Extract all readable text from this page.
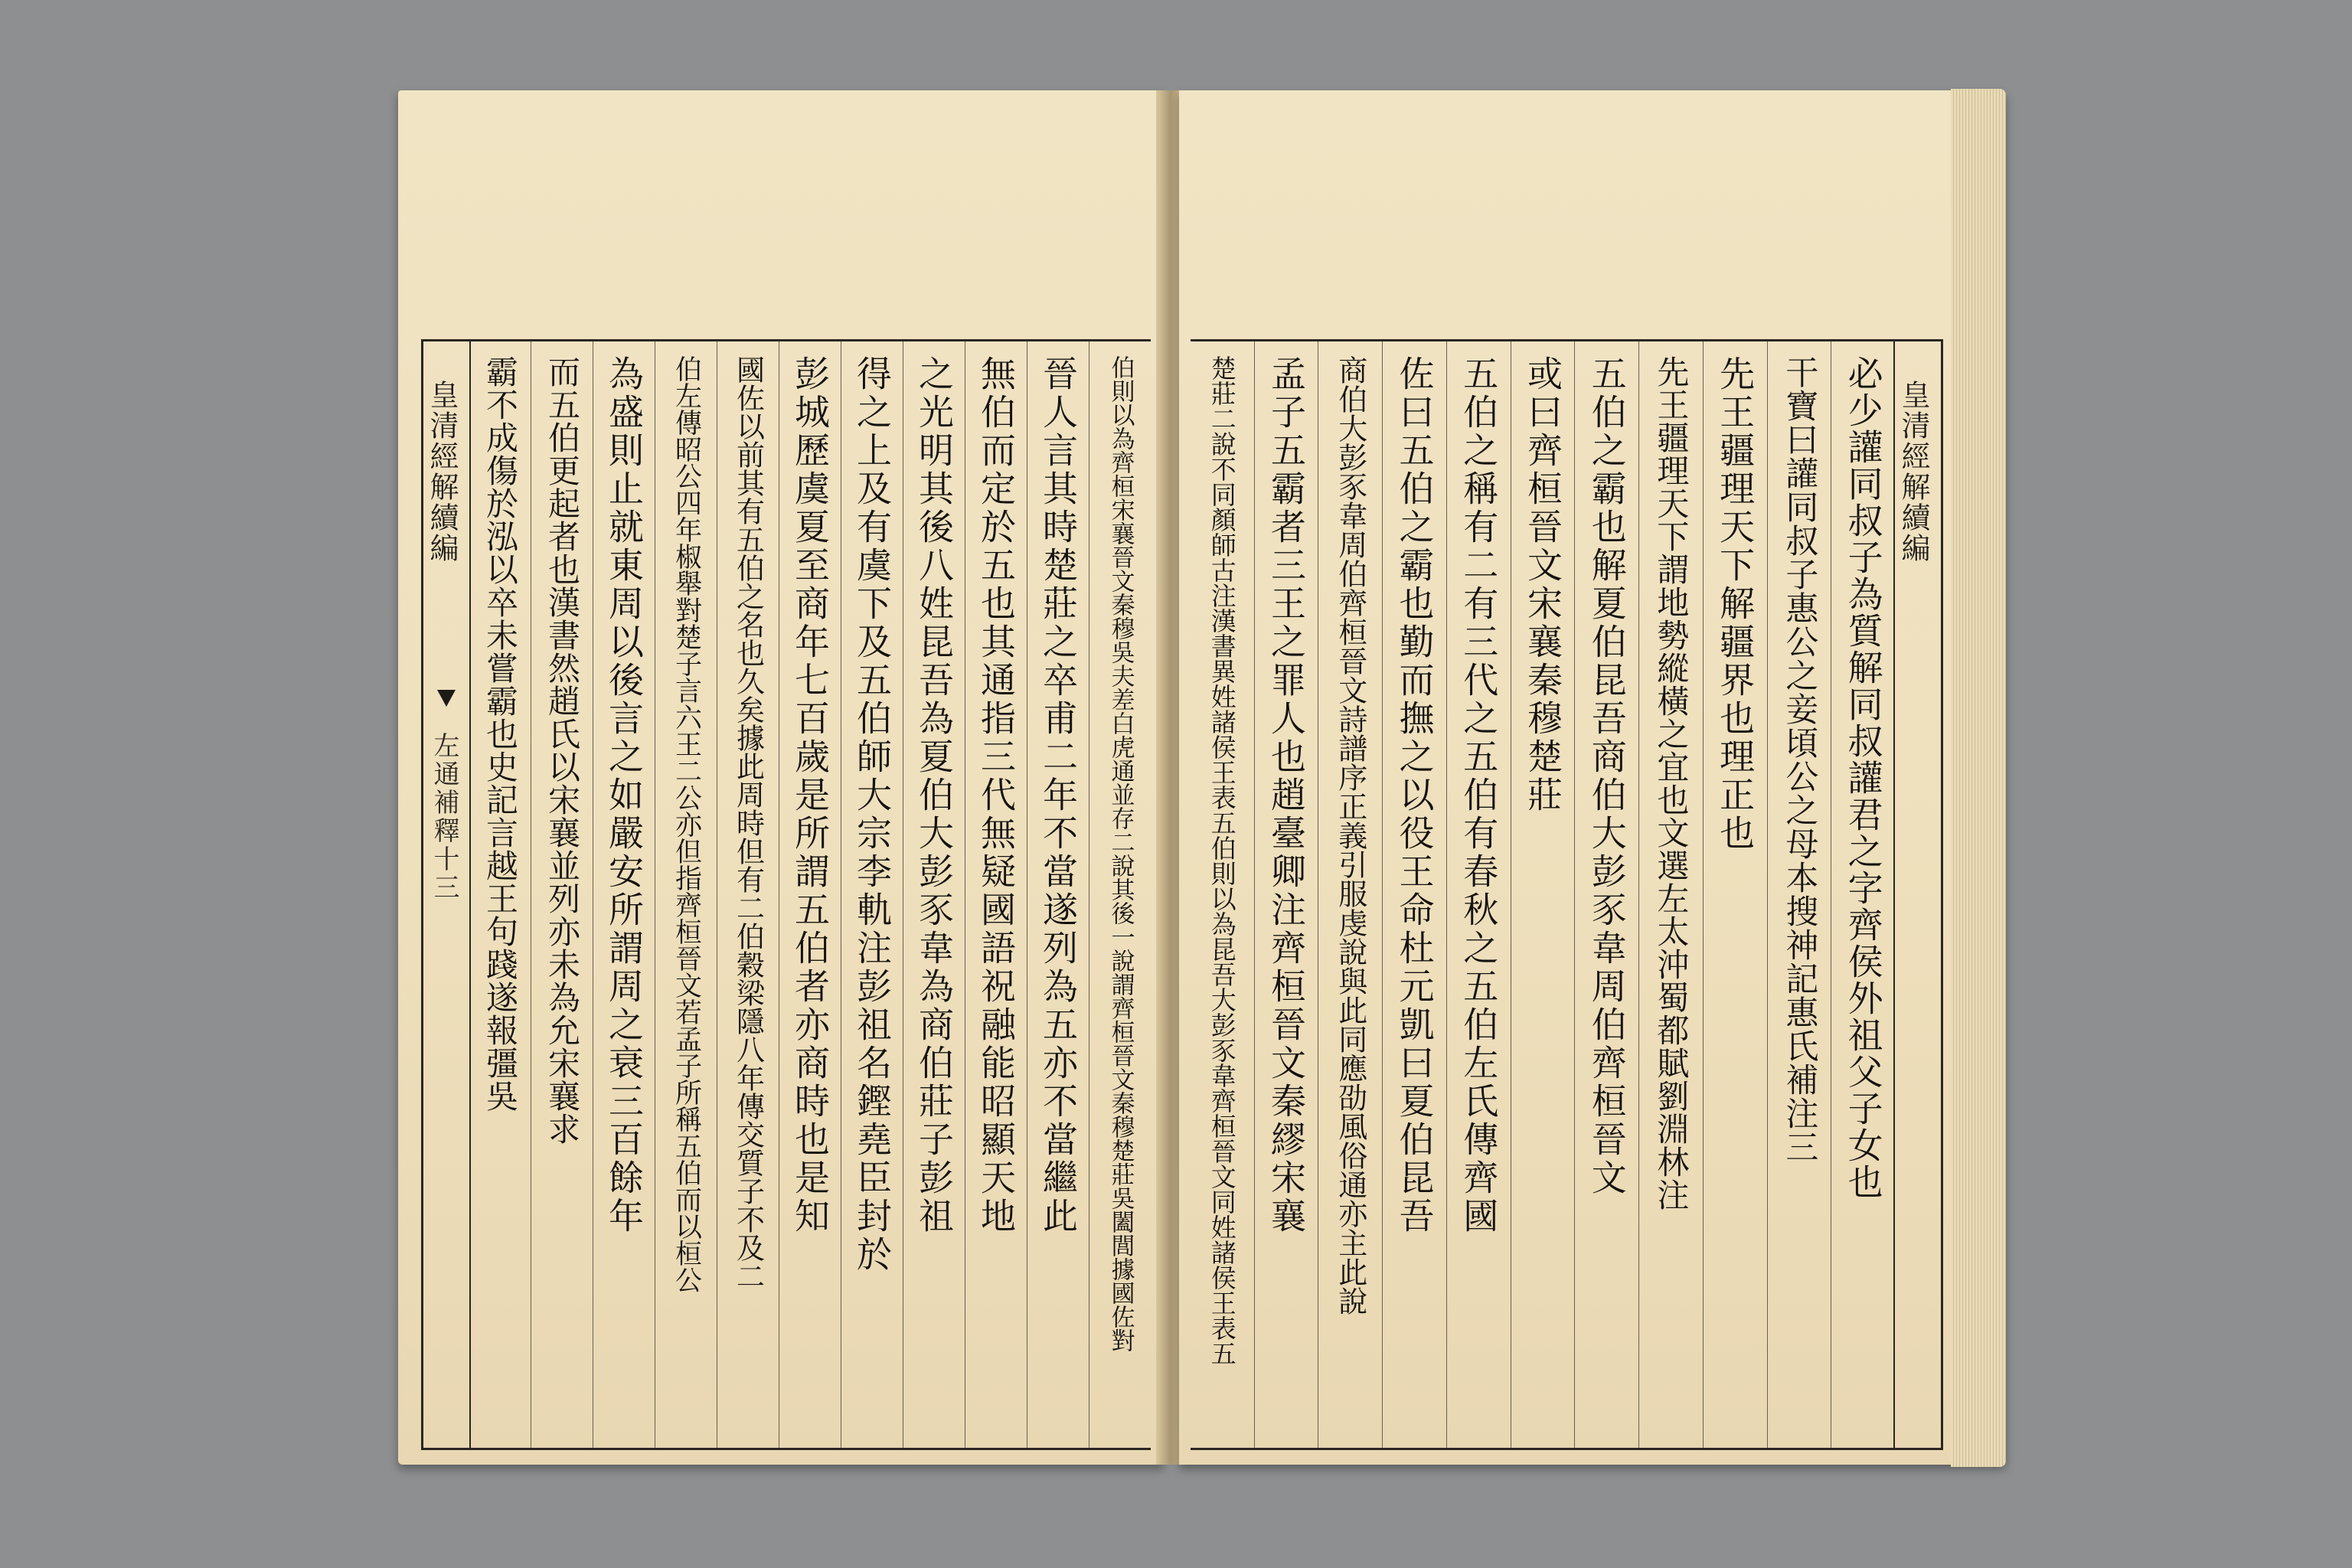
皇清經解續編
左通補釋十三	伯則以為齊桓宋襄晉文秦穆吳夫差白虎通並存二說其後一說謂齊桓晉文秦穆楚莊吳闔閭據國佐對
晉人言其時楚莊之卒甫二年不當遂列為五亦不當繼此
無伯而定於五也其通指三代無疑國語祝融能昭顯天地
之光明其後八姓昆吾為夏伯大彭豕韋為商伯莊子彭祖
得之上及有虞下及五伯師大宗李軌注彭祖名鏗堯臣封於
彭城歷虞夏至商年七百歲是所謂五伯者亦商時也是知
國佐以前其有五伯之名也久矣據此周時但有二伯穀梁隱八年傳交質子不及二
伯左傳昭公四年椒舉對楚子言六王二公亦但指齊桓晉文若孟子所稱五伯而以桓公
為盛則止就東周以後言之如嚴安所謂周之衰三百餘年
而五伯更起者也漢書然趙氏以宋襄並列亦未為允宋襄求
霸不成傷於泓以卒未嘗霸也史記言越王句踐遂報彊吳	皇清經解續編
必少讙同叔子為質解同叔讙君之字齊侯外祖父子女也
干寶曰讙同叔子惠公之妾頃公之母本搜神記惠氏補注三
先王疆理天下解疆界也理正也
先王疆理天下謂地勢縱橫之宜也文選左太沖蜀都賦劉淵林注
五伯之霸也解夏伯昆吾商伯大彭豕韋周伯齊桓晉文
或曰齊桓晉文宋襄秦穆楚莊
五伯之稱有二有三代之五伯有春秋之五伯左氏傳齊國
佐曰五伯之霸也勤而撫之以役王命杜元凱曰夏伯昆吾
商伯大彭豕韋周伯齊桓晉文詩譜序正義引服虔說與此同應劭風俗通亦主此說
孟子五霸者三王之罪人也趙臺卿注齊桓晉文秦繆宋襄
楚莊二說不同顏師古注漢書異姓諸侯王表五伯則以為昆吾大彭豕韋齊桓晉文同姓諸侯王表五
